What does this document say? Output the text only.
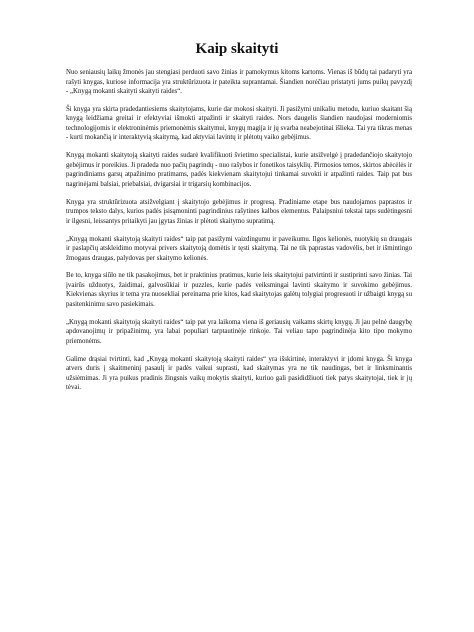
Kaip skaityti

Nuo seniausių laikų žmonės jau stengiasi perduoti savo žinias ir pamokymus kitoms kartoms. Vienas iš būdų tai padaryti yra rašyti knygas, kuriose informacija yra struktūrizuota ir pateikta suprantamai. Šiandien norėčiau pristatyti jums puikų pavyzdį - „Knygą mokanti skaityti skaityti raides“.

Ši knyga yra skirta pradedantiesiems skaitytojams, kurie dar mokosi skaityti. Ji pasižymi unikaliu metodu, kuriuo skaitant šią knygą leidžiama greitai ir efektyviai išmokti atpažinti ir skaityti raides. Nors daugelis šiandien naudojasi moderniomis technologijomis ir elektroninėmis priemonėmis skaitymui, knygų magija ir jų svarba neabejotinai išlieka. Tai yra tikras menas - kurti mokančią ir interaktyvią skaitymą, kad aktyviai lavintų ir plėtotų vaiko gebėjimus.

Knygą mokanti skaitytoją skaityti raides sudarė kvalifikuoti švietimo specialistai, kurie atsižvelgė į pradedančiojo skaitytojo gebėjimus ir poreikius. Ji pradeda nuo pačių pagrindų - nuo rašybos ir fonetikos taisyklių. Pirmosios temos, skirtos abėcėlės ir pagrindiniams garsų atpažinimo pratimams, padės kiekvienam skaitytojui tinkamai suvokti ir atpažinti raides. Taip pat bus nagrinėjami balsiai, priebalsiai, dvigarsiai ir trigarsių kombinacijos.

Knyga yra struktūrizuota atsižvelgiant į skaitytojo gebėjimus ir progresą. Pradiniame etape bus naudojamos paprastos ir trumpos teksto dalys, kurios padės įsisąmoninti pagrindinius rašytines kalbos elementus. Palaipsniui tekstai taps sudėtingesni ir ilgesni, leissantys pritaikyti jau įgytas žinias ir plėtoti skaitymo supratimą.

„Knygą mokanti skaitytoją skaityti raides“ taip pat pasižymi vaizdingumu ir paveikumu. Ilgos kelionės, nuotykių su draugais ir paslapčių atskleidimo motyvai privers skaitytoją domėtis ir tęsti skaitymą. Tai ne tik paprastas vadovėlis, bet ir išmintingo žmogaus draugas, palydovas per skaitymo kelionės.

Be to, knyga siūlo ne tik pasakojimus, bet ir praktinius pratimus, kurie leis skaitytojui patvirtinti ir sustiprinti savo žinias. Tai įvairūs užduotys, žaidimai, galvosūkiai ir puzzles, kurie padės veiksmingai lavinti skaitymo ir suvokimo gebėjimus. Kiekvienas skyrius ir tema yra nuosekliai pereinama prie kitos, kad skaitytojas galėtų tolygiai progresuoti ir užbaigti knygą su pasitenkinimu savo pasiekimais.

„Knygą mokanti skaitytoją skaityti raides“ taip pat yra laikoma viena iš geriausių vaikams skirtų knygų. Ji jau pelnė daugybę apdovanojimų ir pripažinimų, yra labai populiari tarptautinėje rinkoje. Tai veliau tapo pagrindinėja kito tipo mokymo priemonėms.

Galime drąsiai tvirtinti, kad „Knygą mokanti skaitytoją skaityti raides“ yra išskirtinė, interaktyvi ir įdomi knyga. Ši knyga atvers duris į skaitmeninį pasaulį ir padės vaikui suprasti, kad skaitymas yra ne tik naudingas, bet ir linksminantis užsiėmimas. Ji yra puikus pradinis žingsnis vaikų mokytis skaityti, kuriuo gali pasididžiuoti tiek patys skaitytojai, tiek ir jų tėvai.
